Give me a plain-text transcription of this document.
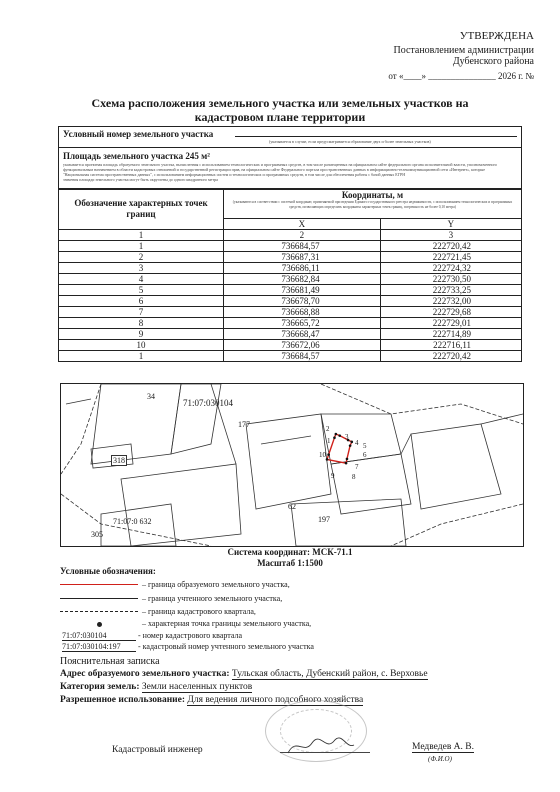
УТВЕРЖДЕНА
Постановлением администрации
Дубенского района
от «____» _______________ 2026 г. №
Схема расположения земельного участка или земельных участков на
кадастровом плане территории
Условный номер земельного участка
(указывается в случае, если предусматривается образование двух и более земельных участков)
Площадь земельного участка 245 м²
указывается проектная площадь образуемого земельного участка, вычисленная с использованием технологических и программных средств, в том числе размещенных на официальном сайте федерального органа исполнительной власти, уполномоченного
функциональным назначением в области кадастровых отношений и государственной регистрации прав, на официальном сайте Федерального портала пространственных данных в информационно-телекоммуникационной сети «Интернет», которые
"Национальная система пространственных данных", с использованием информационных систем и технологических и программных средств, в том числе для обеспечения работы с базой данных ЕГРН
значения площади земельного участка могут быть округлены до одного квадратного метра
Обозначение характерных точек границ	Координаты, м
(указываются в соответствии с системой координат, применяемой при ведении Единого государственного реестра недвижимости, с использованием технологических и программных средств, позволяющих определить координаты характерных точек границ, погрешность не более 0,10 метра)	

	X	Y
1	2	3
1	736684,57	222720,42
2	736687,31	222721,45
3	736686,11	222724,32
4	736682,84	222730,50
5	736681,49	222733,25
6	736678,70	222732,00
7	736668,88	222729,68
8	736665,72	222729,01
9	736668,47	222714,89
10	736672,06	222716,11
1	736684,57	222720,42
71:07:030104
34
177
318
62
197
305
71:07:0 632
2
1 3
4 5
6
7
8
9
10
Система координат: МСК-71.1
Масштаб 1:1500
Условные обозначения:
– граница образуемого земельного участка,
– граница учтенного земельного участка,
– граница кадастрового квартала,
– характерная точка границы земельного участка,
71:07:030104	- номер кадастрового квартала
71:07:030104:197 - кадастровый номер учтенного земельного участка
Пояснительная записка
Адрес образуемого земельного участка: Тульская область, Дубенский район, с. Верховье
Категория земель: Земли населенных пунктов
Разрешенное использование: Для ведения личного подсобного хозяйства
Кадастровый инженер	Медведев А. В.
(Ф.И.О)
